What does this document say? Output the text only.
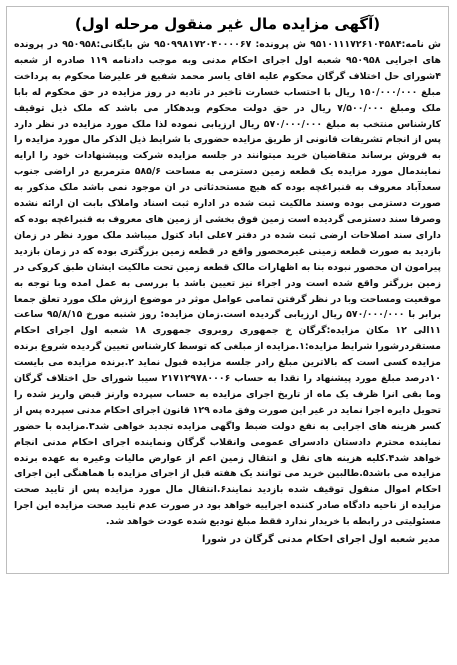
(آگهی مزایده مال غیر منقول مرحله اول)
ش نامه:۹۵۱۰۱۱۱۷۲۶۱۰۴۵۸۴ ش پرونده: ۹۵۰۹۹۸۱۷۲۰۴۰۰۰۰۶۷ ش بایگانی:۹۵۰۹۵۸ در پرونده های اجرایی ۹۵۰۹۵۸ شعبه اول اجرای احکام مدنی وبه موجب دادنامه ۱۱۹ صادره از شعبه ۴شورای حل اختلاف گرگان محکوم علیه اقای یاسر محمد شفیع فر علیرضا محکوم به پرداخت مبلغ ۱۵۰/۰۰۰/۰۰۰ ریال با احتساب خسارت تاخیر در تادیه در روز مزایده در حق محکوم له بابا ملک ومبلغ ۷/۵۰۰/۰۰۰ ریال در حق دولت محکوم وبدهکار می باشد که ملک ذیل توقیف کارشناس منتخب به مبلغ ۵۷۰/۰۰۰/۰۰۰ ریال ارزیابی نموده لذا ملک مورد مزایده در نظر دارد پس از انجام تشریفات قانونی از طریق مزایده حضوری با شرایط ذیل الذکر مال مورد مزایده را به فروش برساند متقاضیان خرید میتوانند در جلسه مزایده شرکت وپیشنهادات خود را ارایه نمایندمال مورد مزایده یک قطعه زمین دستزمی به مساحت ۵۸۵/۶ مترمربع در اراضی جنوب سعدآباد معروف به قنبراغچه بوده که هیچ مستحدثاتی در ان موجود نمی باشد ملک مذکور به صورت دستزمی بوده وسند مالکیت ثبت شده در اداره ثبت اسناد واملاک بابت ان ارائه نشده وصرفا سند دستزمی گردیده است زمین فوق بخشی از زمین های معروف به قنبراغچه بوده که دارای سند اصلاحات ارضی ثبت شده در دفتر ۷علی اباد کتول میباشد ملک مورد نظر در زمان بازدید به صورت قطعه زمینی غیرمحصور واقع در قطعه زمین بزرگتری بوده که در زمان بازدید پیرامون ان محصور نبوده بنا به اظهارات مالک قطعه زمین تحت مالکیت ایشان طبق کروکی در زمین بزرگتر واقع شده است ودر اجراء نیز تعیین باشد با بررسی به عمل امده وبا توجه به موقعیت ومساحت وبا در نظر گرفتن تمامی عوامل موثر در موضوع ارزش ملک مورد تعلق جمعا برابر با ۵۷۰/۰۰۰/۰۰۰ ریال ارزیابی گردیده است.زمان مزایده: روز شنبه مورخ ۹۵/۸/۱۵ ساعت ۱۱الی ۱۲ مکان مزایده:گرگان خ جمهوری روبروی جمهوری ۱۸ شعبه اول اجرای احکام مستقردرشورا شرایط مزایده:۱.مزایده از مبلغی که توسط کارشناس تعیین گردیده شروع برنده مزایده کسی است که بالاترین مبلغ رادر جلسه مزایده قبول نماید ۲.برنده مزایده می بایست ۱۰درصد مبلغ مورد پیشنهاد را نقدا به حساب ۲۱۷۱۲۹۷۸۰۰۰۶ سیبا شورای حل اختلاف گرگان وما بقی انرا ظرف یک ماه از تاریخ اجرای مزایده به حساب سپرده وارنز قبض واریز شده را تحویل دایره اجرا نماید در غیر این صورت وفق ماده ۱۲۹ قانون اجرای احکام مدنی سپرده پس از کسر هزینه های اجرایی به نفع دولت ضبط واگهی مزایده تجدید خواهی شد۳.مزایده با حضور نماینده محترم دادستان دادسرای عمومی وانقلاب گرگان ونماینده اجرای احکام مدنی انجام خواهد شد۴.کلیه هزینه های نقل و انتقال زمین اعم از عوارض مالیات وغیره به عهده برنده مزایده می باشد۵.طالبین خرید می توانند یک هفته قبل از اجرای مزایده با هماهنگی این اجرای احکام اموال منقول توقیف شده بازدید نمایند۶.انتقال مال مورد مزایده پس از تایید صحت مزایده از ناحیه دادگاه صادر کننده اجراییه خواهد بود در صورت عدم تایید صحت مزایده این اجرا مسئولیتی در رابطه با خریدار ندارد فقط مبلغ تودیع شده عودت خواهد شد.
مدیر شعبه اول اجرای احکام مدنی گرگان در شورا
